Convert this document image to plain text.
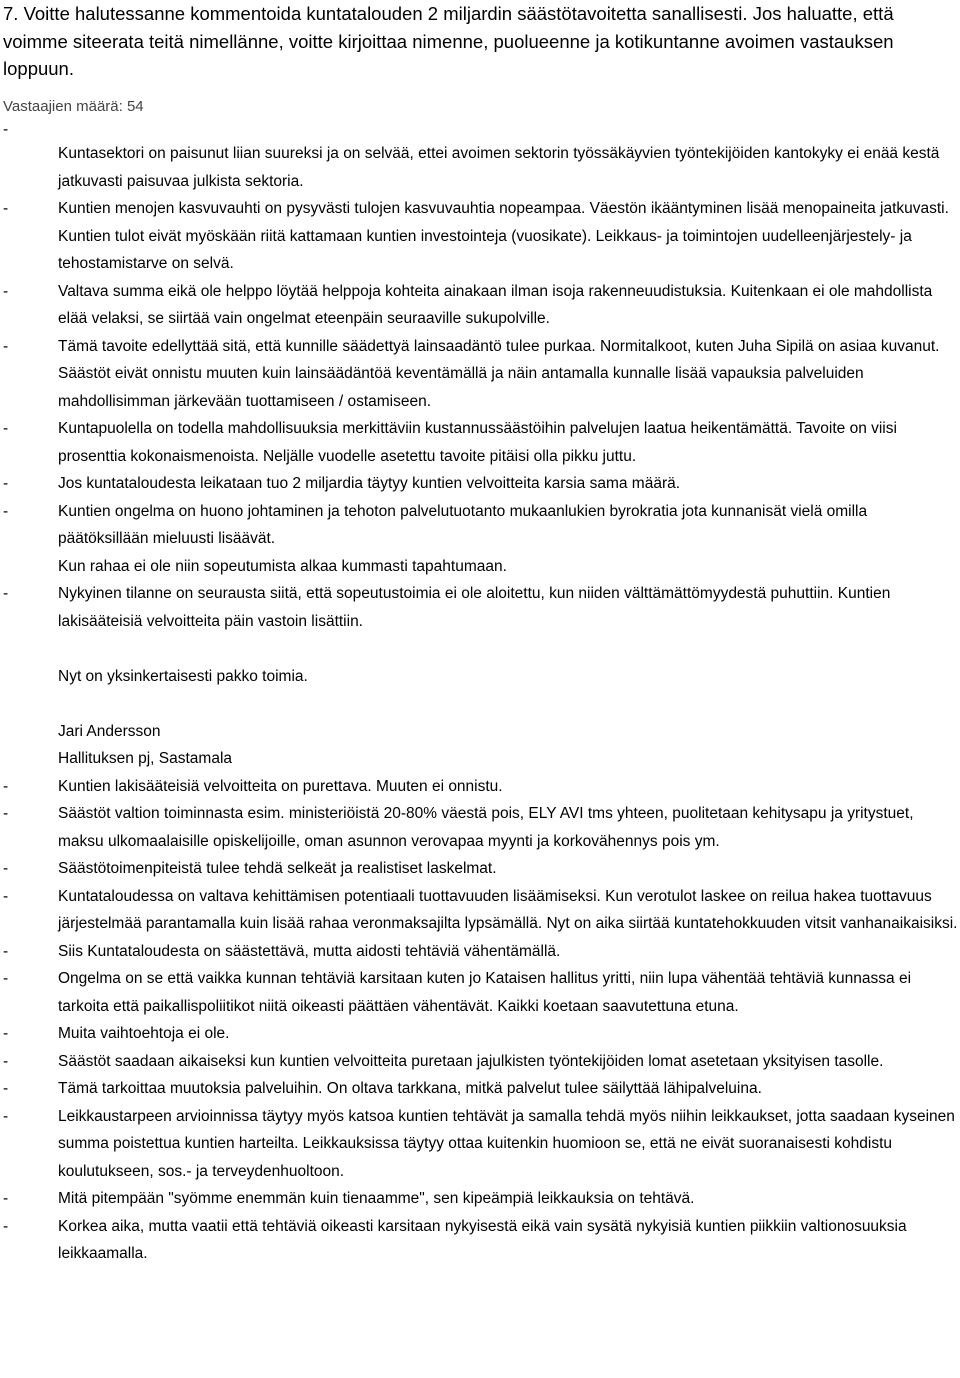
7. Voitte halutessanne kommentoida kuntatalouden 2 miljardin säästötavoitetta sanallisesti. Jos haluatte, että voimme siteerata teitä nimellänne, voitte kirjoittaa nimenne, puolueenne ja kotikuntanne avoimen vastauksen loppuun.
Vastaajien määrä: 54
-
Kuntasektori on paisunut liian suureksi ja on selvää, ettei avoimen sektorin työssäkäyvien työntekijöiden kantokyky ei enää kestä jatkuvasti paisuvaa julkista sektoria.
-	Kuntien menojen kasvuvauhti on pysyvästi tulojen kasvuvauhtia nopeampaa. Väestön ikääntyminen lisää menopaineita jatkuvasti. Kuntien tulot eivät myöskään riitä kattamaan kuntien investointeja (vuosikate). Leikkaus- ja toimintojen uudelleenjärjestely- ja tehostamistarve on selvä.
-	Valtava summa eikä ole helppo löytää helppoja kohteita ainakaan ilman isoja rakenneuudistuksia. Kuitenkaan ei ole mahdollista elää velaksi, se siirtää vain ongelmat eteenpäin seuraaville sukupolville.
-	Tämä tavoite edellyttää sitä, että kunnille säädettyä lainsaadäntö tulee purkaa. Normitalkoot, kuten Juha Sipilä on asiaa kuvanut. Säästöt eivät onnistu muuten kuin lainsäädäntöä keventämällä ja näin antamalla kunnalle lisää vapauksia palveluiden mahdollisimman järkevään tuottamiseen / ostamiseen.
-	Kuntapuolella on todella mahdollisuuksia merkittäviin kustannussäästöihin palvelujen laatua heikentämättä. Tavoite on viisi prosenttia kokonaismenoista. Neljälle vuodelle asetettu tavoite pitäisi olla pikku juttu.
-	Jos kuntataloudesta leikataan tuo 2 miljardia täytyy kuntien velvoitteita karsia sama määrä.
-	Kuntien ongelma on huono johtaminen ja tehoton palvelutuotanto mukaanlukien byrokratia jota kunnanisät vielä omilla päätöksillään mieluusti lisäävät.
Kun rahaa ei ole niin sopeutumista alkaa kummasti tapahtumaan.
-	Nykyinen tilanne on seurausta siitä, että sopeutustoimia ei ole aloitettu, kun niiden välttämättömyydestä puhuttiin. Kuntien lakisääteisiä velvoitteita päin vastoin lisättiin.
Nyt on yksinkertaisesti pakko toimia.
Jari Andersson
Hallituksen pj, Sastamala
-	Kuntien lakisääteisiä velvoitteita on purettava. Muuten ei onnistu.
-	Säästöt valtion toiminnasta esim. ministeriöistä 20-80% väestä pois, ELY AVI tms yhteen, puolitetaan kehitysapu ja yritystuet, maksu ulkomaalaisille opiskelijoille, oman asunnon verovapaa myynti ja korkovähennys pois ym.
-	Säästötoimenpiteistä tulee tehdä selkeät ja realistiset laskelmat.
-	Kuntataloudessa on valtava kehittämisen potentiaali tuottavuuden lisäämiseksi. Kun verotulot laskee on reilua hakea tuottavuus järjestelmää parantamalla kuin lisää rahaa veronmaksajilta lypsämällä. Nyt on aika siirtää kuntatehokkuuden vitsit vanhanaikaisiksi.
-	Siis Kuntataloudesta on säästettävä, mutta aidosti tehtäviä vähentämällä.
-	Ongelma on se että vaikka kunnan tehtäviä karsitaan kuten jo Kataisen hallitus yritti, niin lupa vähentää tehtäviä kunnassa ei tarkoita että paikallispoliitikot niitä oikeasti päättäen vähentävät. Kaikki koetaan saavutettuna etuna.
-	Muita vaihtoehtoja ei ole.
-	Säästöt saadaan aikaiseksi kun kuntien velvoitteita puretaan jajulkisten työntekijöiden lomat asetetaan yksityisen tasolle.
-	Tämä tarkoittaa muutoksia palveluihin. On oltava tarkkana, mitkä palvelut tulee säilyttää lähipalveluina.
-	Leikkaustarpeen arvioinnissa täytyy myös katsoa kuntien tehtävät ja samalla tehdä myös niihin leikkaukset, jotta saadaan kyseinen summa poistettua kuntien harteilta. Leikkauksissa täytyy ottaa kuitenkin huomioon se, että ne eivät suoranaisesti kohdistu koulutukseen, sos.- ja terveydenhuoltoon.
-	Mitä pitempään "syömme enemmän kuin tienaamme", sen kipeämpiä leikkauksia on tehtävä.
-	Korkea aika, mutta vaatii että tehtäviä oikeasti karsitaan nykyisestä eikä vain sysätä nykyisiä kuntien piikkiin valtionosuuksia leikkaamalla.
